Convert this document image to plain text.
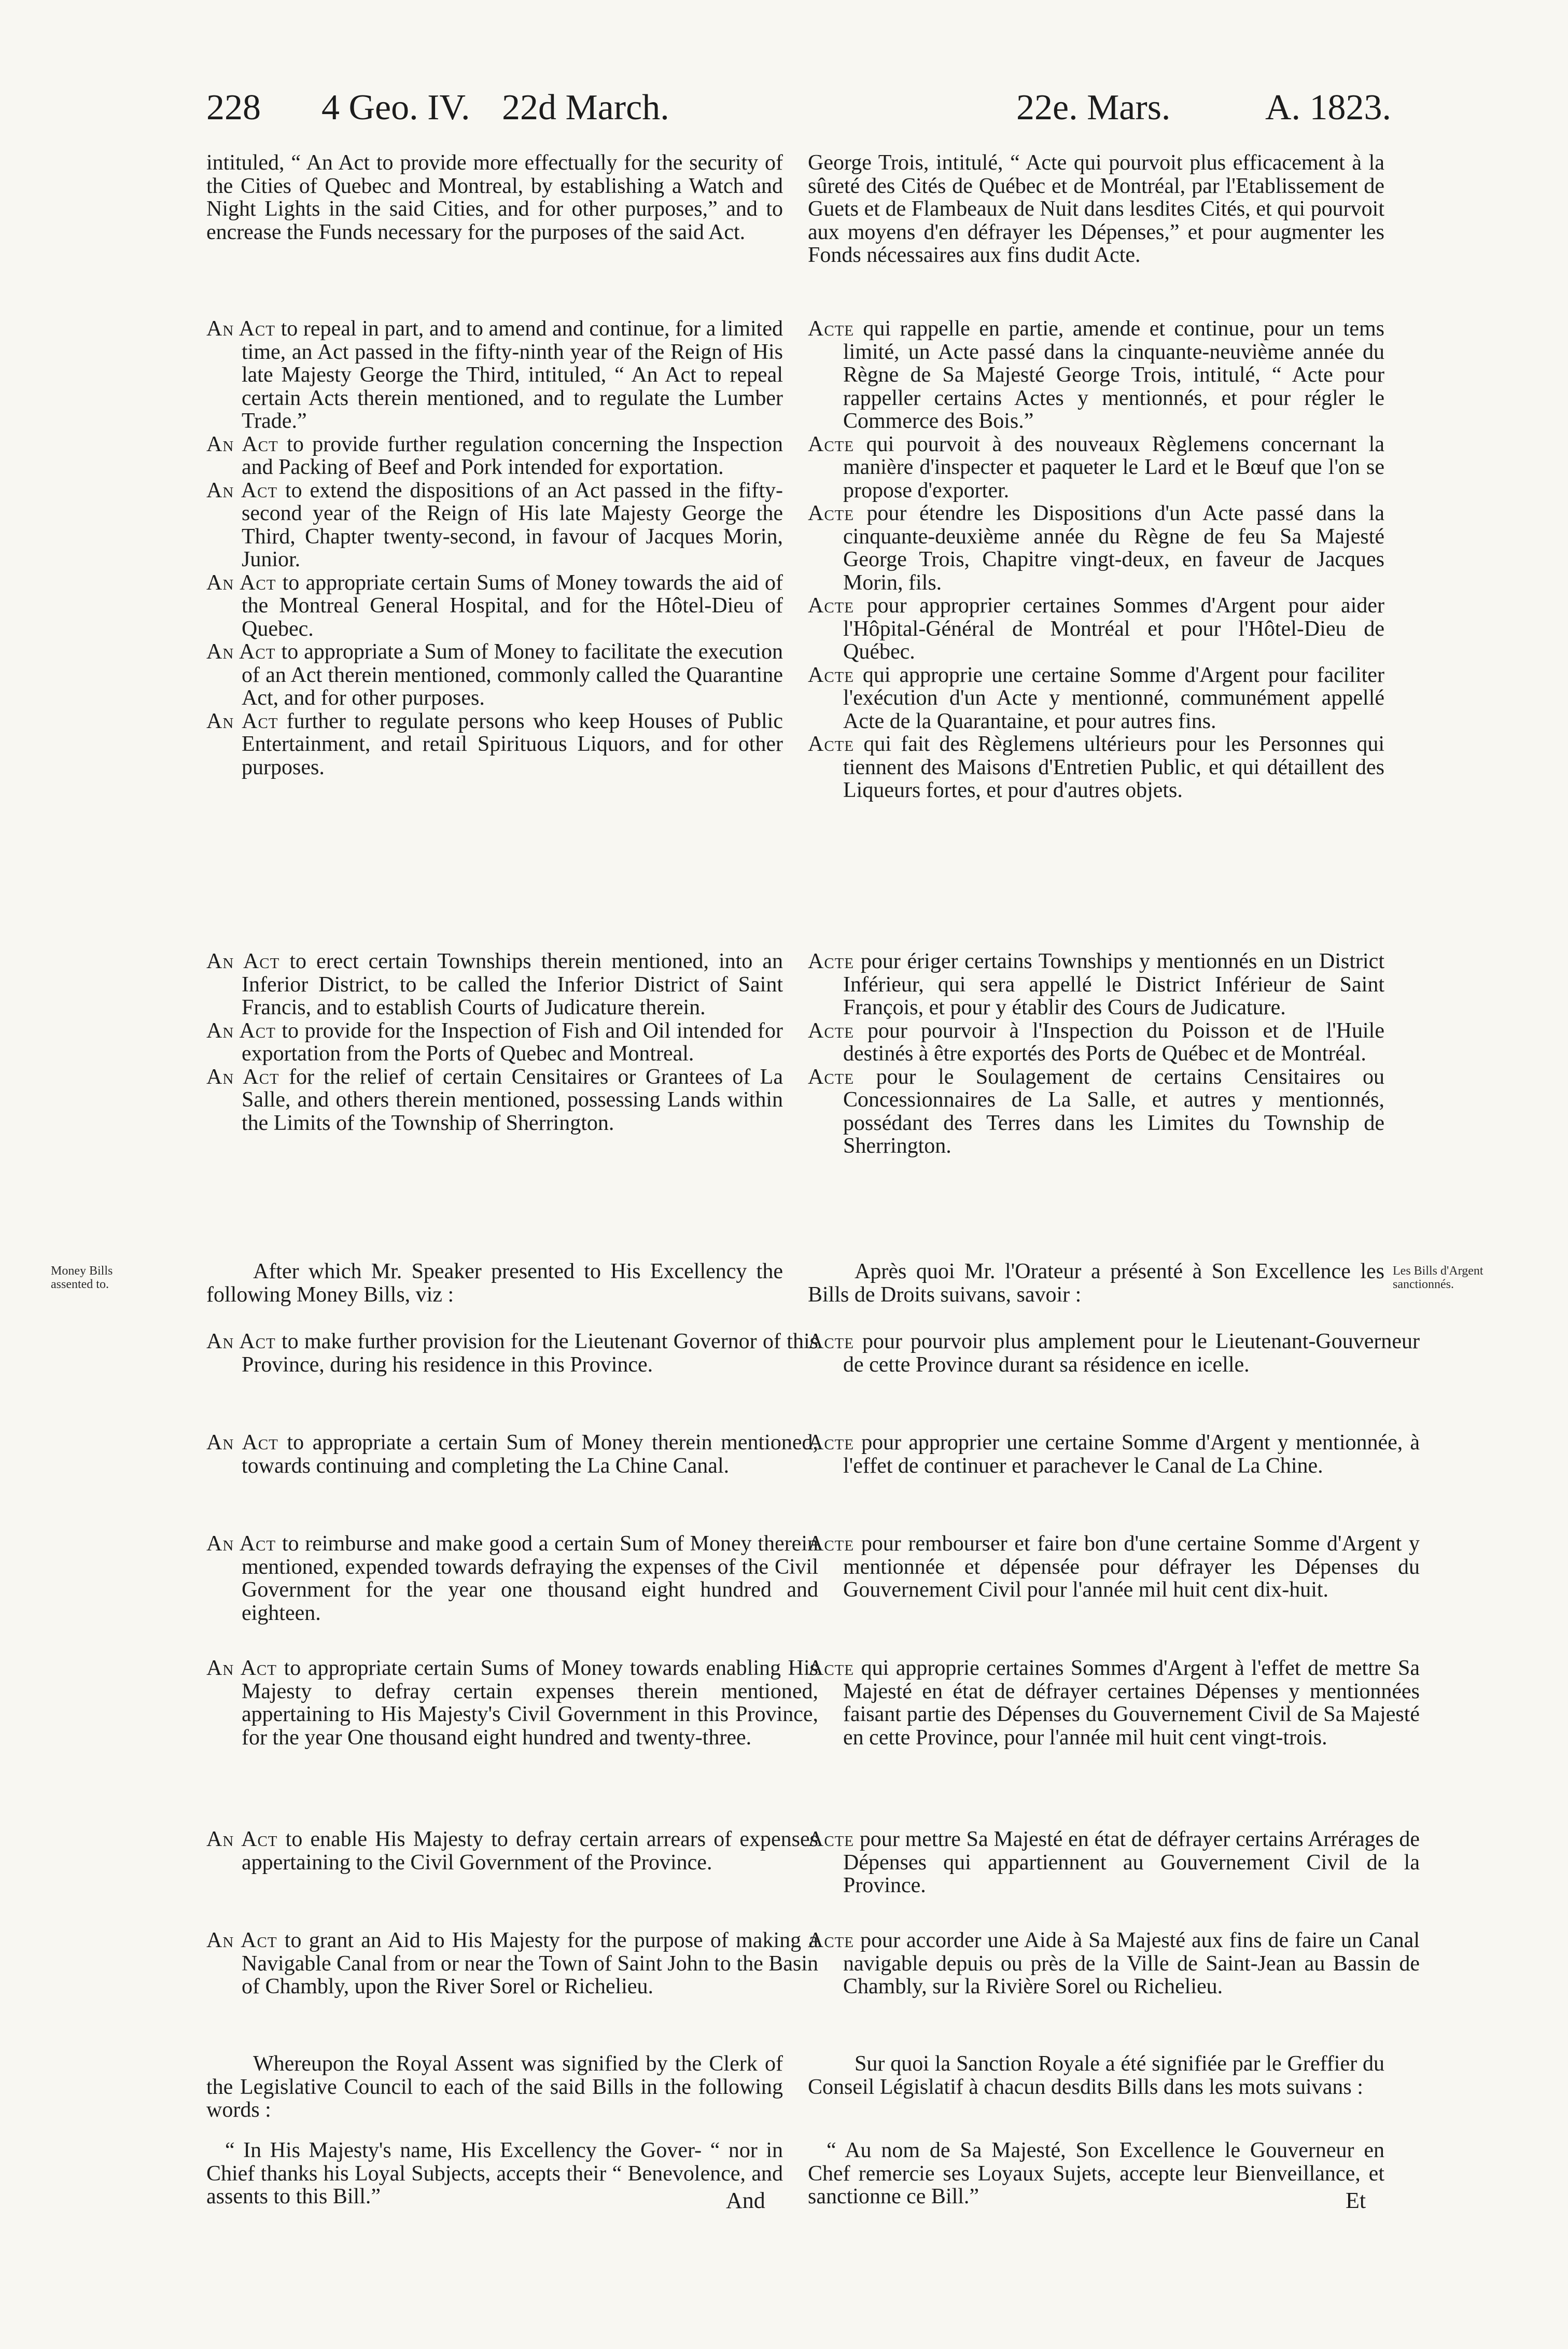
228 4 Geo. IV. 22d March.	22e. Mars.	A. 1823.
Money Bills assented to.
Les Bills d'Argent sanctionnés.
intituled, “ An Act to provide more effectually for the security of the Cities of Quebec and Montreal, by establishing a Watch and Night Lights in the said Cities, and for other purposes,” and to encrease the Funds necessary for the purposes of the said Act.

An Act to repeal in part, and to amend and continue, for a limited time, an Act passed in the fifty-ninth year of the Reign of His late Majesty George the Third, intituled, “ An Act to repeal certain Acts therein mentioned, and to regulate the Lumber Trade.”

An Act to provide further regulation concerning the Inspection and Packing of Beef and Pork intended for exportation.

An Act to extend the dispositions of an Act passed in the fifty-second year of the Reign of His late Majesty George the Third, Chapter twenty-second, in favour of Jacques Morin, Junior.

An Act to appropriate certain Sums of Money towards the aid of the Montreal General Hospital, and for the Hôtel-Dieu of Quebec.

An Act to appropriate a Sum of Money to facilitate the execution of an Act therein mentioned, commonly called the Quarantine Act, and for other purposes.

An Act further to regulate persons who keep Houses of Public Entertainment, and retail Spirituous Liquors, and for other purposes.

An Act to erect certain Townships therein mentioned, into an Inferior District, to be called the Inferior District of Saint Francis, and to establish Courts of Judicature therein.

An Act to provide for the Inspection of Fish and Oil intended for exportation from the Ports of Quebec and Montreal.

An Act for the relief of certain Censitaires or Grantees of La Salle, and others therein mentioned, possessing Lands within the Limits of the Township of Sherrington.

After which Mr. Speaker presented to His Excellency the following Money Bills, viz :
An Act to make further provision for the Lieutenant Governor of this Province, during his residence in this Province.
An Act to appropriate a certain Sum of Money therein mentioned, towards continuing and completing the La Chine Canal.
An Act to reimburse and make good a certain Sum of Money therein mentioned, expended towards defraying the expenses of the Civil Government for the year one thousand eight hundred and eighteen.
An Act to appropriate certain Sums of Money towards enabling His Majesty to defray certain expenses therein mentioned, appertaining to His Majesty's Civil Government in this Province, for the year One thousand eight hundred and twenty-three.
An Act to enable His Majesty to defray certain arrears of expenses appertaining to the Civil Government of the Province.
An Act to grant an Aid to His Majesty for the purpose of making a Navigable Canal from or near the Town of Saint John to the Basin of Chambly, upon the River Sorel or Richelieu.
Whereupon the Royal Assent was signified by the Clerk of the Legislative Council to each of the said Bills in the following words :
“ In His Majesty's name, His Excellency the Gover- “ nor in Chief thanks his Loyal Subjects, accepts their “ Benevolence, and assents to this Bill.”	And
George Trois, intitulé, “ Acte qui pourvoit plus efficacement à la sûreté des Cités de Québec et de Montréal, par l'Etablissement de Guets et de Flambeaux de Nuit dans lesdites Cités, et qui pourvoit aux moyens d'en défrayer les Dépenses,” et pour augmenter les Fonds nécessaires aux fins dudit Acte.

Acte qui rappelle en partie, amende et continue, pour un tems limité, un Acte passé dans la cinquante-neuvième année du Règne de Sa Majesté George Trois, intitulé, “ Acte pour rappeller certains Actes y mentionnés, et pour régler le Commerce des Bois.”

Acte qui pourvoit à des nouveaux Règlemens concernant la manière d'inspecter et paqueter le Lard et le Bœuf que l'on se propose d'exporter.

Acte pour étendre les Dispositions d'un Acte passé dans la cinquante-deuxième année du Règne de feu Sa Majesté George Trois, Chapitre vingt-deux, en faveur de Jacques Morin, fils.

Acte pour approprier certaines Sommes d'Argent pour aider l'Hôpital-Général de Montréal et pour l'Hôtel-Dieu de Québec.

Acte qui approprie une certaine Somme d'Argent pour faciliter l'exécution d'un Acte y mentionné, communément appellé Acte de la Quarantaine, et pour autres fins.

Acte qui fait des Règlemens ultérieurs pour les Personnes qui tiennent des Maisons d'Entretien Public, et qui détaillent des Liqueurs fortes, et pour d'autres objets.

Acte pour ériger certains Townships y mentionnés en un District Inférieur, qui sera appellé le District Inférieur de Saint François, et pour y établir des Cours de Judicature.

Acte pour pourvoir à l'Inspection du Poisson et de l'Huile destinés à être exportés des Ports de Québec et de Montréal.

Acte pour le Soulagement de certains Censitaires ou Concessionnaires de La Salle, et autres y mentionnés, possédant des Terres dans les Limites du Township de Sherrington.

Après quoi Mr. l'Orateur a présenté à Son Excellence les Bills de Droits suivans, savoir :
Acte pour pourvoir plus amplement pour le Lieutenant-Gouverneur de cette Province durant sa résidence en icelle.
Acte pour approprier une certaine Somme d'Argent y mentionnée, à l'effet de continuer et parachever le Canal de La Chine.
Acte pour rembourser et faire bon d'une certaine Somme d'Argent y mentionnée et dépensée pour défrayer les Dépenses du Gouvernement Civil pour l'année mil huit cent dix-huit.
Acte qui approprie certaines Sommes d'Argent à l'effet de mettre Sa Majesté en état de défrayer certaines Dépenses y mentionnées faisant partie des Dépenses du Gouvernement Civil de Sa Majesté en cette Province, pour l'année mil huit cent vingt-trois.
Acte pour mettre Sa Majesté en état de défrayer certains Arrérages de Dépenses qui appartiennent au Gouvernement Civil de la Province.
Acte pour accorder une Aide à Sa Majesté aux fins de faire un Canal navigable depuis ou près de la Ville de Saint-Jean au Bassin de Chambly, sur la Rivière Sorel ou Richelieu.
Sur quoi la Sanction Royale a été signifiée par le Greffier du Conseil Législatif à chacun desdits Bills dans les mots suivans :
“ Au nom de Sa Majesté, Son Excellence le Gouverneur en Chef remercie ses Loyaux Sujets, accepte leur Bienveillance, et sanctionne ce Bill.”	Et
